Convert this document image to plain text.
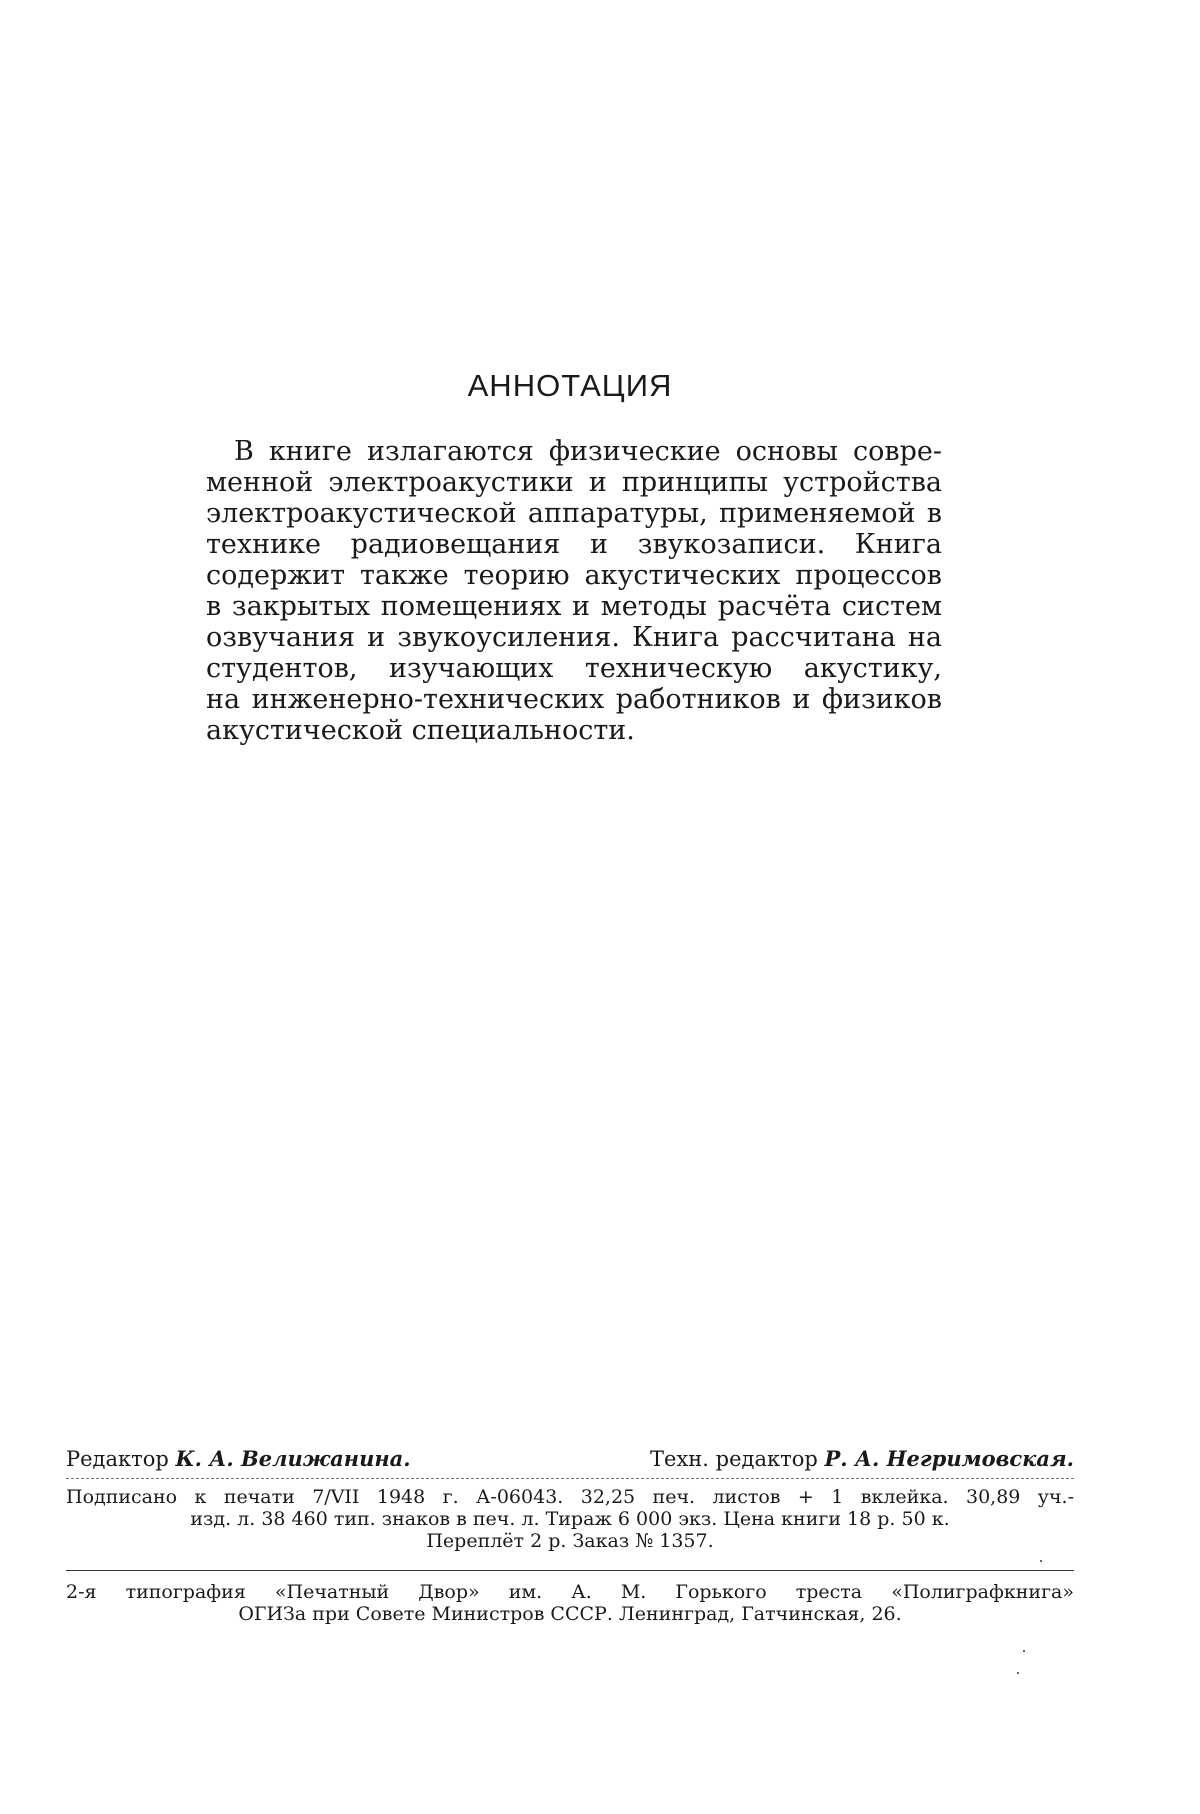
АННОТАЦИЯ
В книге излагаются физические основы совре-
менной электроакустики и принципы устройства
электроакустической аппаратуры, применяемой в
технике радиовещания и звукозаписи. Книга
содержит также теорию акустических процессов
в закрытых помещениях и методы расчёта систем
озвучания и звукоусиления. Книга рассчитана на
студентов, изучающих техническую акустику,
на инженерно-технических работников и физиков
акустической специальности.
Редактор К. А. Велижанина.	Техн. редактор Р. А. Негримовская.
Подписано к печати 7/VII 1948 г. А-06043. 32,25 печ. листов + 1 вклейка. 30,89 уч.-
изд. л. 38 460 тип. знаков в печ. л. Тираж 6 000 экз. Цена книги 18 р. 50 к.
Переплёт 2 р. Заказ № 1357.
2-я типография «Печатный Двор» им. А. М. Горького треста «Полиграфкнига»
ОГИЗа при Совете Министров СССР. Ленинград, Гатчинская, 26.
